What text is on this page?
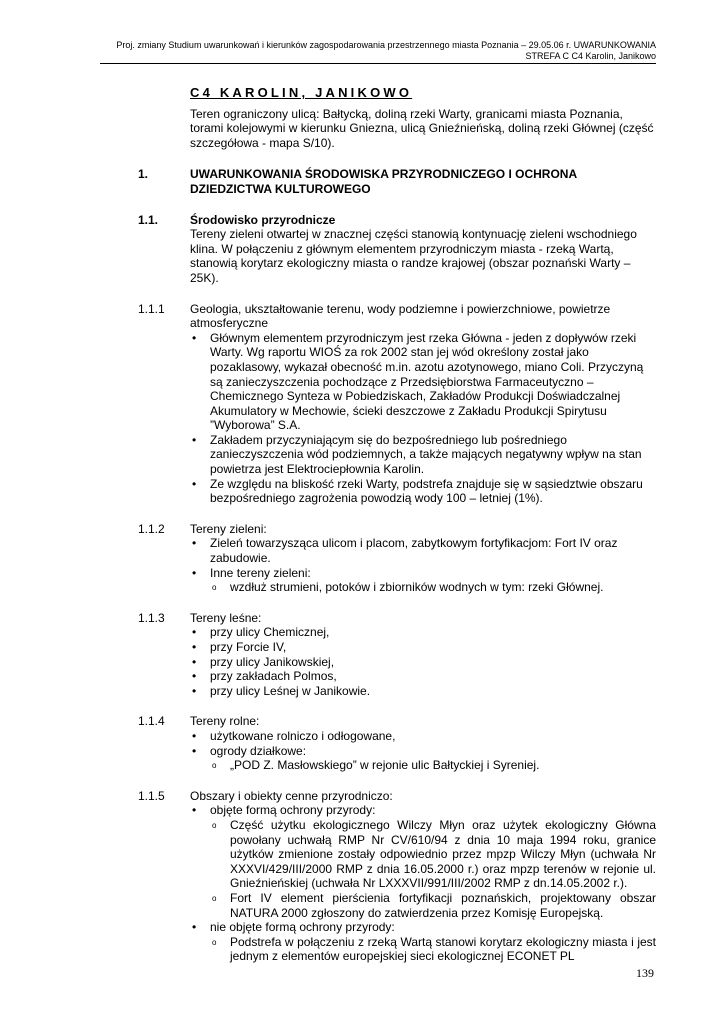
Proj. zmiany Studium uwarunkowań i kierunków zagospodarowania przestrzennego miasta Poznania – 29.05.06 r. UWARUNKOWANIA
STREFA C C4 Karolin, Janikowo
C4 KAROLIN, JANIKOWO
Teren ograniczony ulicą: Bałtycką, doliną rzeki Warty, granicami miasta Poznania, torami kolejowymi w kierunku Gniezna, ulicą Gnieźnieńską, doliną rzeki Głównej (część szczegółowa - mapa S/10).
1.	UWARUNKOWANIA ŚRODOWISKA PRZYRODNICZEGO I OCHRONA DZIEDZICTWA KULTUROWEGO
1.1.	Środowisko przyrodnicze
Tereny zieleni otwartej w znacznej części stanowią kontynuację zieleni wschodniego klina. W połączeniu z głównym elementem przyrodniczym miasta - rzeką Wartą, stanowią korytarz ekologiczny miasta o randze krajowej (obszar poznański Warty – 25K).
1.1.1	Geologia, ukształtowanie terenu, wody podziemne i powierzchniowe, powietrze atmosferyczne
• Głównym elementem przyrodniczym jest rzeka Główna - jeden z dopływów rzeki Warty. Wg raportu WIOŚ za rok 2002 stan jej wód określony został jako pozaklasowy, wykazał obecność m.in. azotu azotynowego, miano Coli. Przyczyną są zanieczyszczenia pochodzące z Przedsiębiorstwa Farmaceutyczno – Chemicznego Synteza w Pobiedziskach, Zakładów Produkcji Doświadczalnej Akumulatory w Mechowie, ścieki deszczowe z Zakładu Produkcji Spirytusu ”Wyborowa” S.A.
• Zakładem przyczyniającym się do bezpośredniego lub pośredniego zanieczyszczenia wód podziemnych, a także mających negatywny wpływ na stan powietrza jest Elektrociepłownia Karolin.
• Ze względu na bliskość rzeki Warty, podstrefa znajduje się w sąsiedztwie obszaru bezpośredniego zagrożenia powodzią wody 100 – letniej (1%).
1.1.2	Tereny zieleni:
• Zieleń towarzysząca ulicom i placom, zabytkowym fortyfikacjom: Fort IV oraz zabudowie.
• Inne tereny zieleni:
o wzdłuż strumieni, potoków i zbiorników wodnych w tym: rzeki Głównej.
1.1.3	Tereny leśne:
• przy ulicy Chemicznej,
• przy Forcie IV,
• przy ulicy Janikowskiej,
• przy zakładach Polmos,
• przy ulicy Leśnej w Janikowie.
1.1.4	Tereny rolne:
• użytkowane rolniczo i odłogowane,
• ogrody działkowe:
o „POD Z. Masłowskiego” w rejonie ulic Bałtyckiej i Syreniej.
1.1.5	Obszary i obiekty cenne przyrodniczo:
• objęte formą ochrony przyrody:
o Część użytku ekologicznego Wilczy Młyn oraz użytek ekologiczny Główna powołany uchwałą RMP Nr CV/610/94 z dnia 10 maja 1994 roku, granice użytków zmienione zostały odpowiednio przez mpzp Wilczy Młyn (uchwała Nr XXXVI/429/III/2000 RMP z dnia 16.05.2000 r.) oraz mpzp terenów w rejonie ul. Gnieźnieńskiej (uchwała Nr LXXXVII/991/III/2002 RMP z dn.14.05.2002 r.).
o Fort IV element pierścienia fortyfikacji poznańskich, projektowany obszar NATURA 2000 zgłoszony do zatwierdzenia przez Komisję Europejską.
• nie objęte formą ochrony przyrody:
o Podstrefa w połączeniu z rzeką Wartą stanowi korytarz ekologiczny miasta i jest jednym z elementów europejskiej sieci ekologicznej ECONET PL
139
